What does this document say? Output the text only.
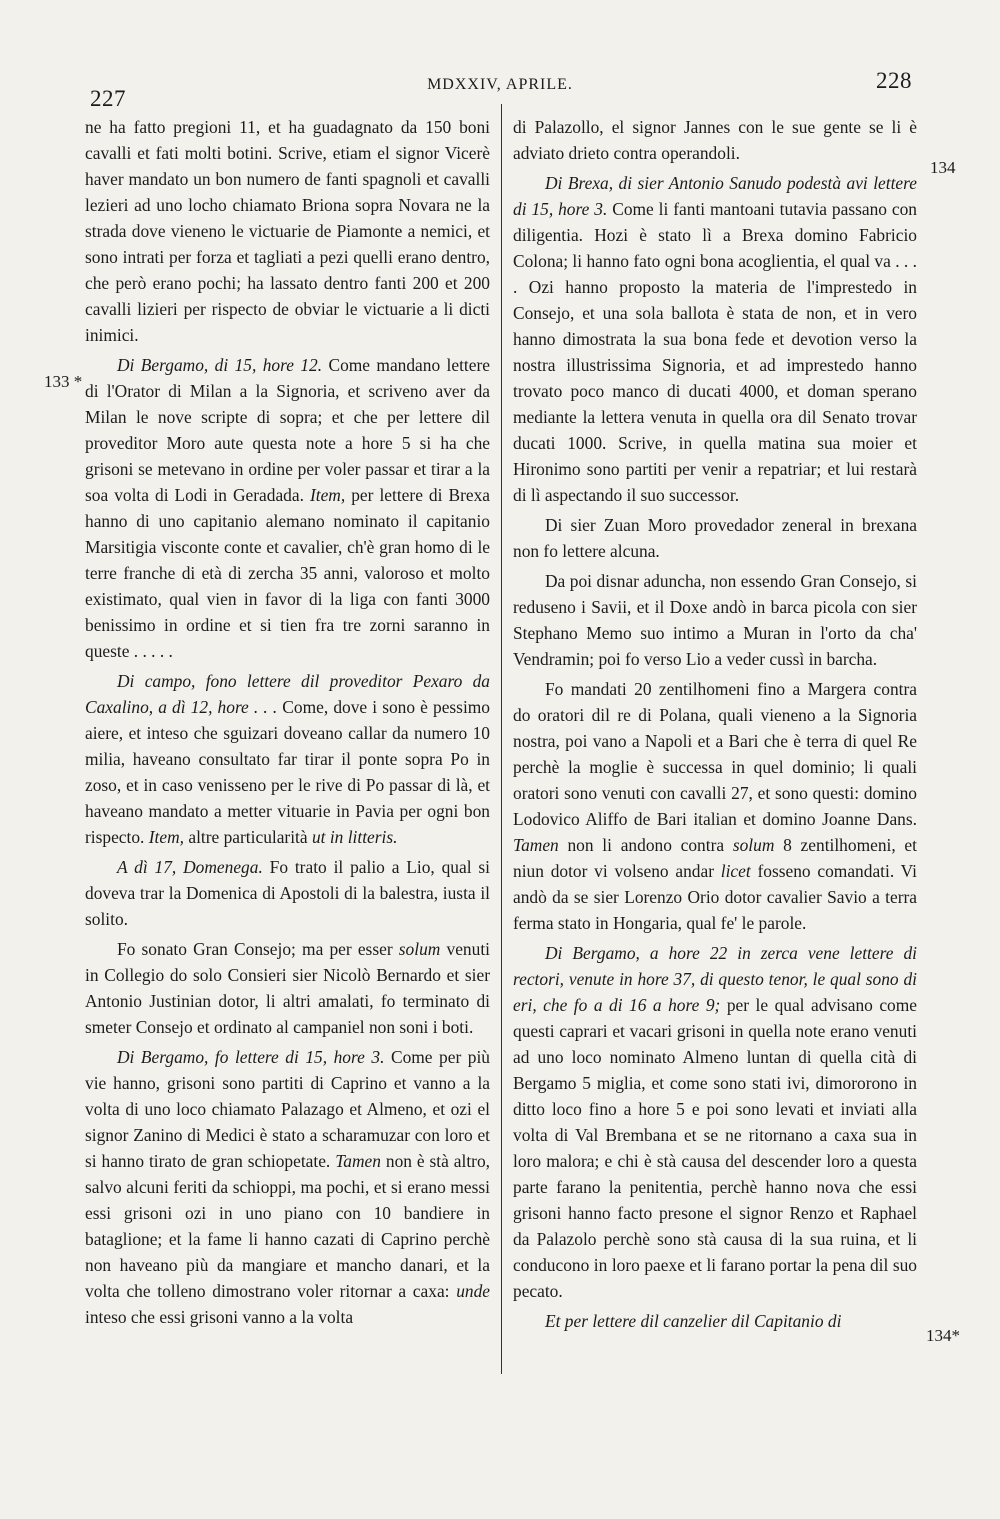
227
MDXXIV, APRILE.	228
133 *
134
134*

ne ha fatto pregioni 11, et ha guadagnato da 150 boni cavalli et fati molti botini. Scrive, etiam el signor Vicerè haver mandato un bon numero de fanti spagnoli et cavalli lezieri ad uno locho chiamato Briona sopra Novara ne la strada dove vieneno le victuarie de Piamonte a nemici, et sono intrati per forza et tagliati a pezi quelli erano dentro, che però erano pochi; ha lassato dentro fanti 200 et 200 cavalli lizieri per rispecto de obviar le victuarie a li dicti inimici.

Di Bergamo, di 15, hore 12. Come mandano lettere di l'Orator di Milan a la Signoria, et scriveno aver da Milan le nove scripte di sopra; et che per lettere dil proveditor Moro aute questa note a hore 5 si ha che grisoni se metevano in ordine per voler passar et tirar a la soa volta di Lodi in Geradada. Item, per lettere di Brexa hanno di uno capitanio alemano nominato il capitanio Marsitigia visconte conte et cavalier, ch'è gran homo di le terre franche di età di zercha 35 anni, valoroso et molto existimato, qual vien in favor di la liga con fanti 3000 benissimo in ordine et si tien fra tre zorni saranno in queste . . . . .

Di campo, fono lettere dil proveditor Pexaro da Caxalino, a dì 12, hore . . . Come, dove i sono è pessimo aiere, et inteso che sguizari doveano callar da numero 10 milia, haveano consultato far tirar il ponte sopra Po in zoso, et in caso venisseno per le rive di Po passar di là, et haveano mandato a metter vituarie in Pavia per ogni bon rispecto. Item, altre particularità ut in litteris.

A dì 17, Domenega. Fo trato il palio a Lio, qual si doveva trar la Domenica di Apostoli di la balestra, iusta il solito.

Fo sonato Gran Consejo; ma per esser solum venuti in Collegio do solo Consieri sier Nicolò Bernardo et sier Antonio Justinian dotor, li altri amalati, fo terminato di smeter Consejo et ordinato al campaniel non soni i boti.

Di Bergamo, fo lettere di 15, hore 3. Come per più vie hanno, grisoni sono partiti di Caprino et vanno a la volta di uno loco chiamato Palazago et Almeno, et ozi el signor Zanino di Medici è stato a scharamuzar con loro et si hanno tirato de gran schiopetate. Tamen non è stà altro, salvo alcuni feriti da schioppi, ma pochi, et si erano messi essi grisoni ozi in uno piano con 10 bandiere in bataglione; et la fame li hanno cazati di Caprino perchè non haveano più da mangiare et mancho danari, et la volta che tolleno dimostrano voler ritornar a caxa: unde inteso che essi grisoni vanno a la volta

di Palazollo, el signor Jannes con le sue gente se li è adviato drieto contra operandoli.

Di Brexa, di sier Antonio Sanudo podestà avi lettere di 15, hore 3. Come li fanti mantoani tutavia passano con diligentia. Hozi è stato lì a Brexa domino Fabricio Colona; li hanno fato ogni bona acoglientia, el qual va . . . . Ozi hanno proposto la materia de l'imprestedo in Consejo, et una sola ballota è stata de non, et in vero hanno dimostrata la sua bona fede et devotion verso la nostra illustrissima Signoria, et ad imprestedo hanno trovato poco manco di ducati 4000, et doman sperano mediante la lettera venuta in quella ora dil Senato trovar ducati 1000. Scrive, in quella matina sua moier et Hironimo sono partiti per venir a repatriar; et lui restarà di lì aspectando il suo successor.

Di sier Zuan Moro provedador zeneral in brexana non fo lettere alcuna.

Da poi disnar aduncha, non essendo Gran Consejo, si reduseno i Savii, et il Doxe andò in barca picola con sier Stephano Memo suo intimo a Muran in l'orto da cha' Vendramin; poi fo verso Lio a veder cussì in barcha.

Fo mandati 20 zentilhomeni fino a Margera contra do oratori dil re di Polana, quali vieneno a la Signoria nostra, poi vano a Napoli et a Bari che è terra di quel Re perchè la moglie è successa in quel dominio; li quali oratori sono venuti con cavalli 27, et sono questi: domino Lodovico Aliffo de Bari italian et domino Joanne Dans. Tamen non li andono contra solum 8 zentilhomeni, et niun dotor vi volseno andar licet fosseno comandati. Vi andò da se sier Lorenzo Orio dotor cavalier Savio a terra ferma stato in Hongaria, qual fe' le parole.

Di Bergamo, a hore 22 in zerca vene lettere di rectori, venute in hore 37, di questo tenor, le qual sono di eri, che fo a di 16 a hore 9; per le qual advisano come questi caprari et vacari grisoni in quella note erano venuti ad uno loco nominato Almeno luntan di quella cità di Bergamo 5 miglia, et come sono stati ivi, dimororono in ditto loco fino a hore 5 e poi sono levati et inviati alla volta di Val Brembana et se ne ritornano a caxa sua in loro malora; e chi è stà causa del descender loro a questa parte farano la penitentia, perchè hanno nova che essi grisoni hanno facto presone el signor Renzo et Raphael da Palazolo perchè sono stà causa di la sua ruina, et li conducono in loro paexe et li farano portar la pena dil suo pecato.

Et per lettere dil canzelier dil Capitanio di
